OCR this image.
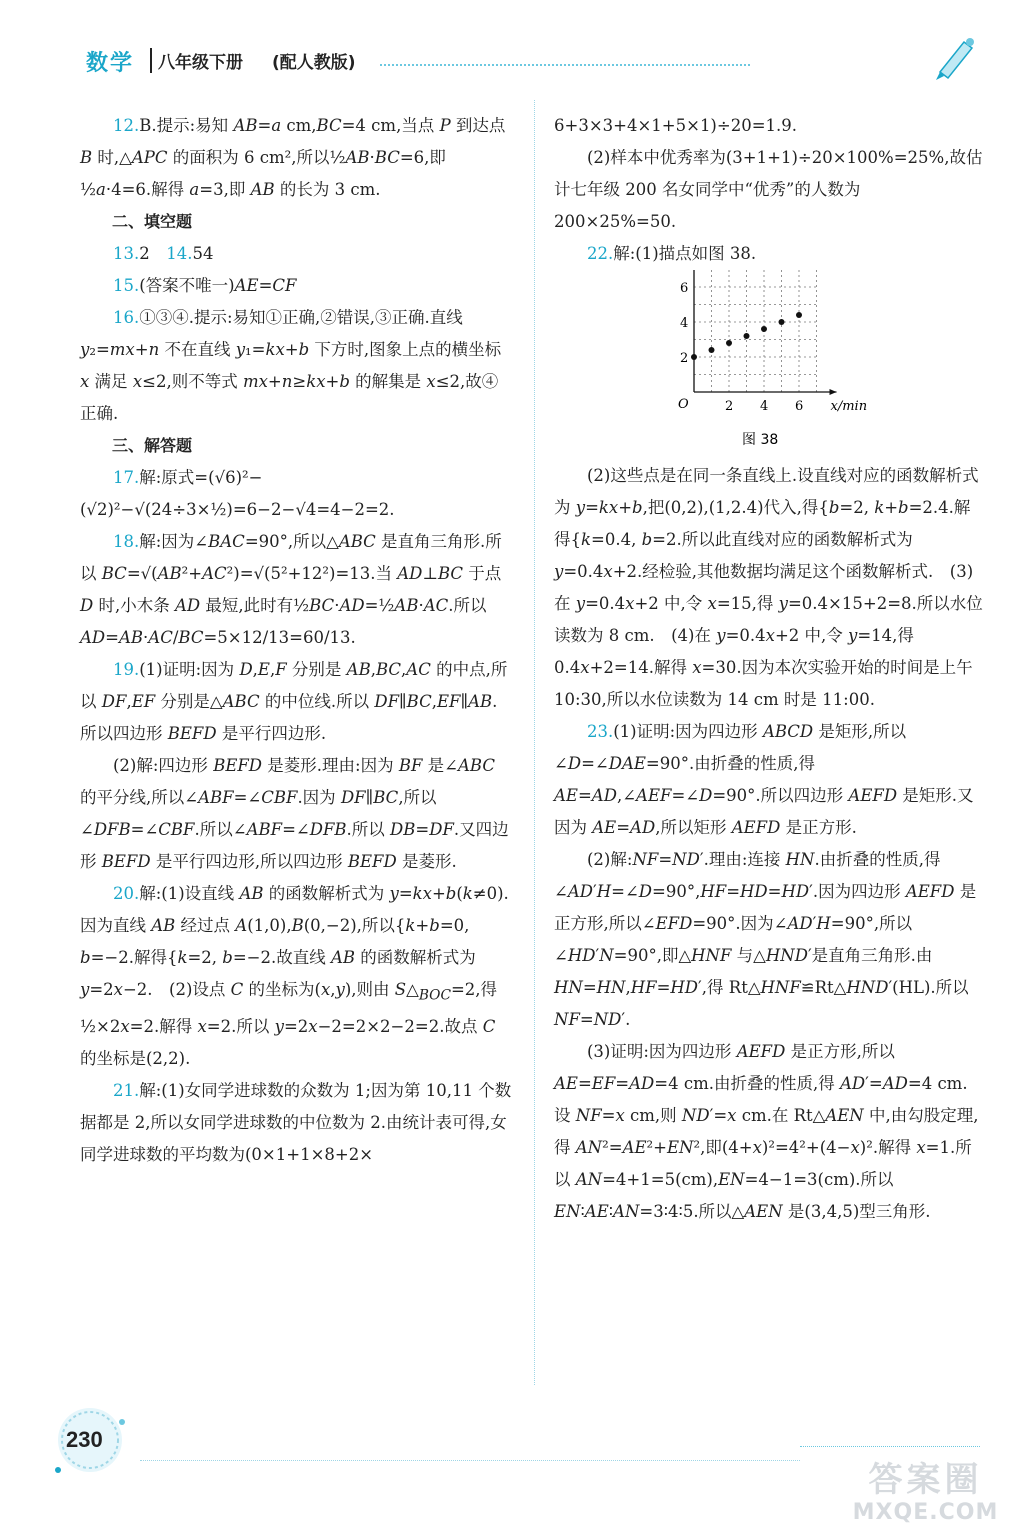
数学	八年级下册 (配人教版)

12.B.提示:易知 AB=a cm,BC=4 cm,当点 P 到达点 B 时,△APC 的面积为 6 cm²,所以½AB·BC=6,即½a·4=6.解得 a=3,即 AB 的长为 3 cm.

二、填空题

13.2　14.54

15.(答案不唯一)AE=CF

16.①③④.提示:易知①正确,②错误,③正确.直线 y₂=mx+n 不在直线 y₁=kx+b 下方时,图象上点的横坐标 x 满足 x≤2,则不等式 mx+n≥kx+b 的解集是 x≤2,故④正确.

三、解答题

17.解:原式=(√6)²−(√2)²−√(24÷3×½)=6−2−√4=4−2=2.

18.解:因为∠BAC=90°,所以△ABC 是直角三角形.所以 BC=√(AB²+AC²)=√(5²+12²)=13.当 AD⊥BC 于点 D 时,小木条 AD 最短,此时有½BC·AD=½AB·AC.所以 AD=AB·AC/BC=5×12/13=60/13.

19.(1)证明:因为 D,E,F 分别是 AB,BC,AC 的中点,所以 DF,EF 分别是△ABC 的中位线.所以 DF∥BC,EF∥AB.所以四边形 BEFD 是平行四边形.

(2)解:四边形 BEFD 是菱形.理由:因为 BF 是∠ABC 的平分线,所以∠ABF=∠CBF.因为 DF∥BC,所以∠DFB=∠CBF.所以∠ABF=∠DFB.所以 DB=DF.又四边形 BEFD 是平行四边形,所以四边形 BEFD 是菱形.

20.解:(1)设直线 AB 的函数解析式为 y=kx+b(k≠0).因为直线 AB 经过点 A(1,0),B(0,−2),所以{k+b=0, b=−2.解得{k=2, b=−2.故直线 AB 的函数解析式为 y=2x−2.　(2)设点 C 的坐标为(x,y),则由 $S\triangle_{BOC}=2$,得½×2x=2.解得 x=2.所以 y=2x−2=2×2−2=2.故点 C 的坐标是(2,2).

21.解:(1)女同学进球数的众数为 1;因为第 10,11 个数据都是 2,所以女同学进球数的中位数为 2.由统计表可得,女同学进球数的平均数为(0×1+1×8+2×

6+3×3+4×1+5×1)÷20=1.9.

(2)样本中优秀率为(3+1+1)÷20×100%=25%,故估计七年级 200 名女同学中“优秀”的人数为 200×25%=50.

22.解:(1)描点如图 38.

x/min
O	2 4 6
2
4
6
图 38

(2)这些点是在同一条直线上.设直线对应的函数解析式为 y=kx+b,把(0,2),(1,2.4)代入,得{b=2, k+b=2.4.解得{k=0.4, b=2.所以此直线对应的函数解析式为 y=0.4x+2.经检验,其他数据均满足这个函数解析式.　(3)在 y=0.4x+2 中,令 x=15,得 y=0.4×15+2=8.所以水位读数为 8 cm.　(4)在 y=0.4x+2 中,令 y=14,得 0.4x+2=14.解得 x=30.因为本次实验开始的时间是上午 10:30,所以水位读数为 14 cm 时是 11:00.

23.(1)证明:因为四边形 ABCD 是矩形,所以∠D=∠DAE=90°.由折叠的性质,得 AE=AD,∠AEF=∠D=90°.所以四边形 AEFD 是矩形.又因为 AE=AD,所以矩形 AEFD 是正方形.

(2)解:NF=ND′.理由:连接 HN.由折叠的性质,得∠AD′H=∠D=90°,HF=HD=HD′.因为四边形 AEFD 是正方形,所以∠EFD=90°.因为∠AD′H=90°,所以∠HD′N=90°,即△HNF 与△HND′是直角三角形.由 HN=HN,HF=HD′,得 Rt△HNF≌Rt△HND′(HL).所以 NF=ND′.

(3)证明:因为四边形 AEFD 是正方形,所以 AE=EF=AD=4 cm.由折叠的性质,得 AD′=AD=4 cm.设 NF=x cm,则 ND′=x cm.在 Rt△AEN 中,由勾股定理,得 AN²=AE²+EN²,即(4+x)²=4²+(4−x)².解得 x=1.所以 AN=4+1=5(cm),EN=4−1=3(cm).所以 EN∶AE∶AN=3∶4∶5.所以△AEN 是(3,4,5)型三角形.

230
答案圈
MXQE.COM
